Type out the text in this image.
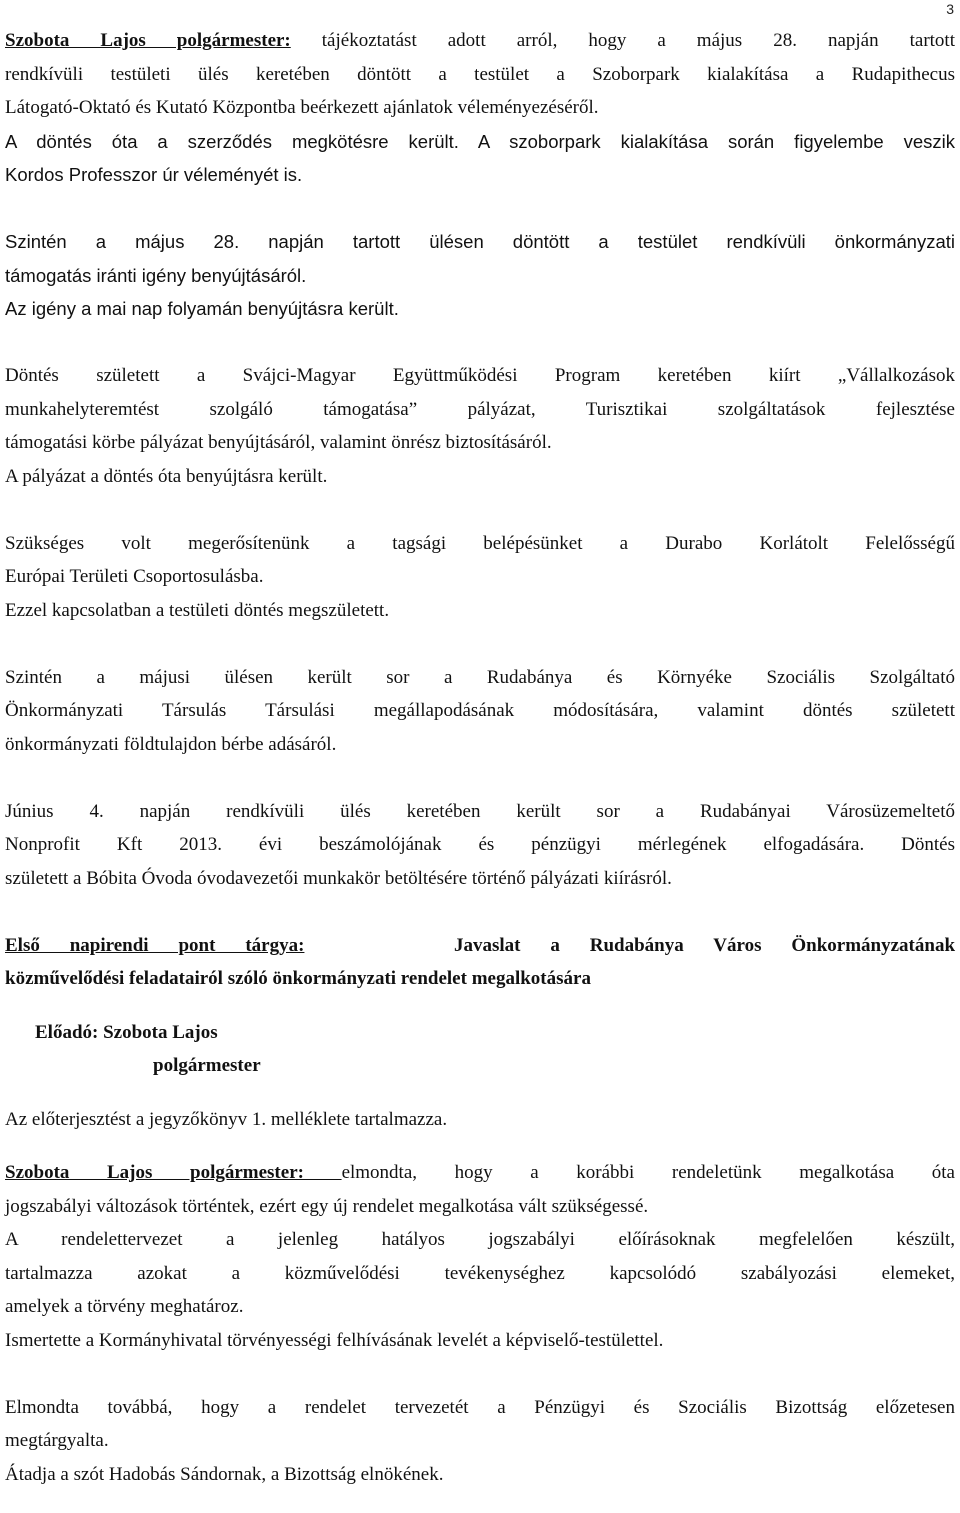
3
Szobota Lajos polgármester: tájékoztatást adott arról, hogy a május 28. napján tartott
rendkívüli testületi ülés keretében döntött a testület a Szoborpark kialakítása a Rudapithecus
Látogató-Oktató és Kutató Központba beérkezett ajánlatok véleményezéséről.
A döntés óta a szerződés megkötésre került. A szoborpark kialakítása során figyelembe veszik
Kordos Professzor úr véleményét is.
Szintén a május 28. napján tartott ülésen döntött a testület rendkívüli önkormányzati
támogatás iránti igény benyújtásáról.
Az igény a mai nap folyamán benyújtásra került.
Döntés született a Svájci-Magyar Együttműködési Program keretében kiírt „Vállalkozások
munkahelyteremtést szolgáló támogatása” pályázat, Turisztikai szolgáltatások fejlesztése
támogatási körbe pályázat benyújtásáról, valamint önrész biztosításáról.
A pályázat a döntés óta benyújtásra került.
Szükséges volt megerősítenünk a tagsági belépésünket a Durabo Korlátolt Felelősségű
Európai Területi Csoportosulásba.
Ezzel kapcsolatban a testületi döntés megszületett.
Szintén a májusi ülésen került sor a Rudabánya és Környéke Szociális Szolgáltató
Önkormányzati Társulás Társulási megállapodásának módosítására, valamint döntés született
önkormányzati földtulajdon bérbe adásáról.
Június 4. napján rendkívüli ülés keretében került sor a Rudabányai Városüzemeltető
Nonprofit Kft 2013. évi beszámolójának és pénzügyi mérlegének elfogadására. Döntés
született a Bóbita Óvoda óvodavezetői munkakör betöltésére történő pályázati kiírásról.
Első napirendi pont tárgya:	Javaslat a Rudabánya Város Önkormányzatának
közművelődési feladatairól szóló önkormányzati rendelet megalkotására
Előadó: Szobota Lajos
polgármester
Az előterjesztést a jegyzőkönyv 1. melléklete tartalmazza.
Szobota Lajos polgármester: elmondta, hogy a korábbi rendeletünk megalkotása óta
jogszabályi változások történtek, ezért egy új rendelet megalkotása vált szükségessé.
A rendelettervezet a jelenleg hatályos jogszabályi előírásoknak megfelelően készült,
tartalmazza azokat a közművelődési tevékenységhez kapcsolódó szabályozási elemeket,
amelyek a törvény meghatároz.
Ismertette a Kormányhivatal törvényességi felhívásának levelét a képviselő-testülettel.
Elmondta továbbá, hogy a rendelet tervezetét a Pénzügyi és Szociális Bizottság előzetesen
megtárgyalta.
Átadja a szót Hadobás Sándornak, a Bizottság elnökének.
